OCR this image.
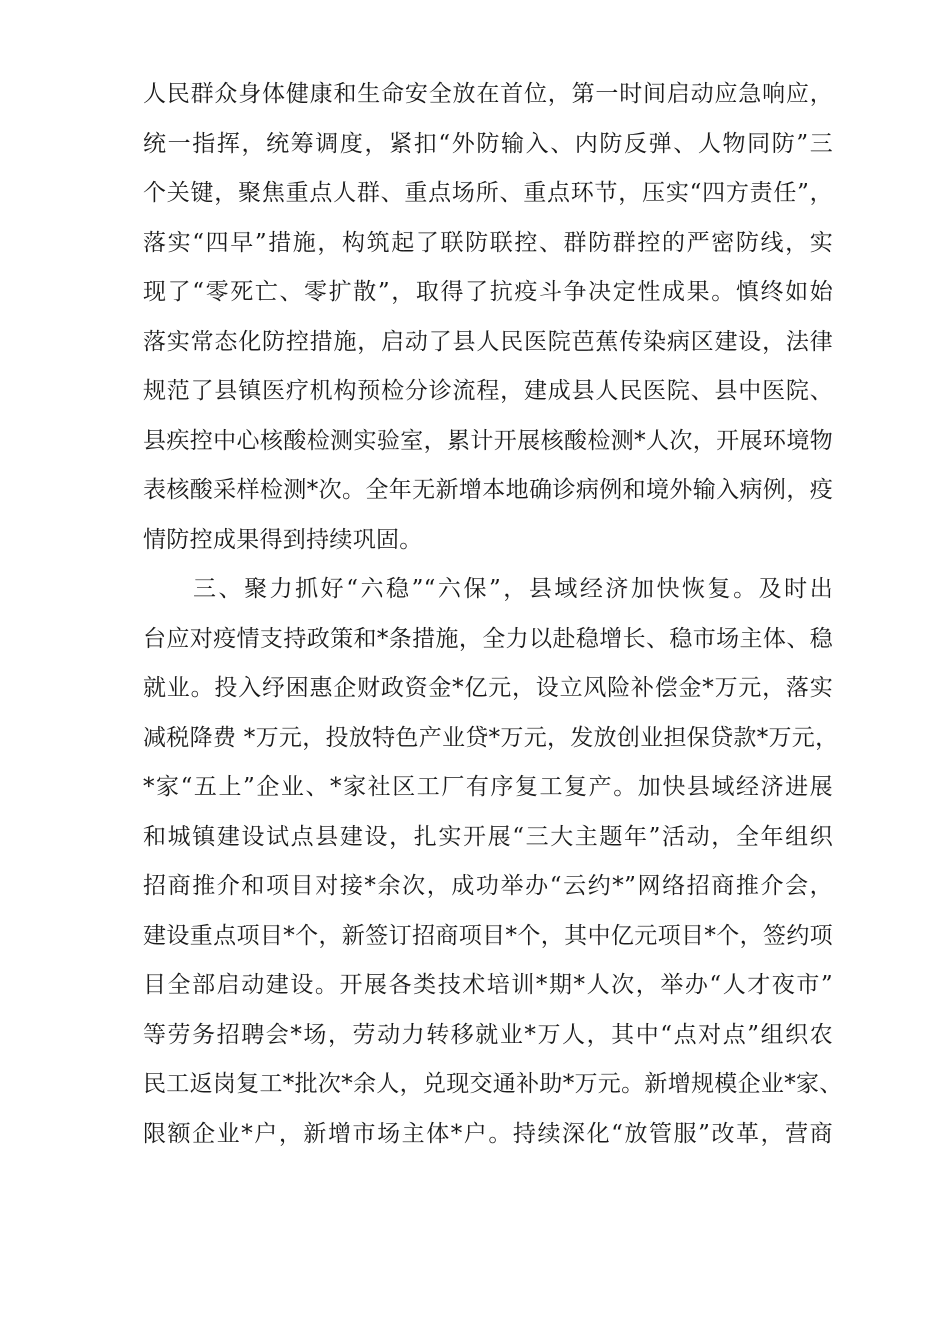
人民群众身体健康和生命安全放在首位，第一时间启动应急响应，
统一指挥，统筹调度，紧扣“外防输入、内防反弹、人物同防”三
个关键，聚焦重点人群、重点场所、重点环节，压实“四方责任”，
落实“四早”措施，构筑起了联防联控、群防群控的严密防线，实
现了“零死亡、零扩散”，取得了抗疫斗争决定性成果。慎终如始
落实常态化防控措施，启动了县人民医院芭蕉传染病区建设，法律
规范了县镇医疗机构预检分诊流程，建成县人民医院、县中医院、
县疾控中心核酸检测实验室，累计开展核酸检测*人次，开展环境物
表核酸采样检测*次。全年无新增本地确诊病例和境外输入病例，疫
情防控成果得到持续巩固。
三、聚力抓好“六稳”“六保”，县域经济加快恢复。及时出
台应对疫情支持政策和*条措施，全力以赴稳增长、稳市场主体、稳
就业。投入纾困惠企财政资金*亿元，设立风险补偿金*万元，落实
减税降费 *万元，投放特色产业贷*万元，发放创业担保贷款*万元，
*家“五上”企业、*家社区工厂有序复工复产。加快县域经济进展
和城镇建设试点县建设，扎实开展“三大主题年”活动，全年组织
招商推介和项目对接*余次，成功举办“云约*”网络招商推介会，
建设重点项目*个，新签订招商项目*个，其中亿元项目*个，签约项
目全部启动建设。开展各类技术培训*期*人次，举办“人才夜市”
等劳务招聘会*场，劳动力转移就业*万人，其中“点对点”组织农
民工返岗复工*批次*余人，兑现交通补助*万元。新增规模企业*家、
限额企业*户，新增市场主体*户。持续深化“放管服”改革，营商
